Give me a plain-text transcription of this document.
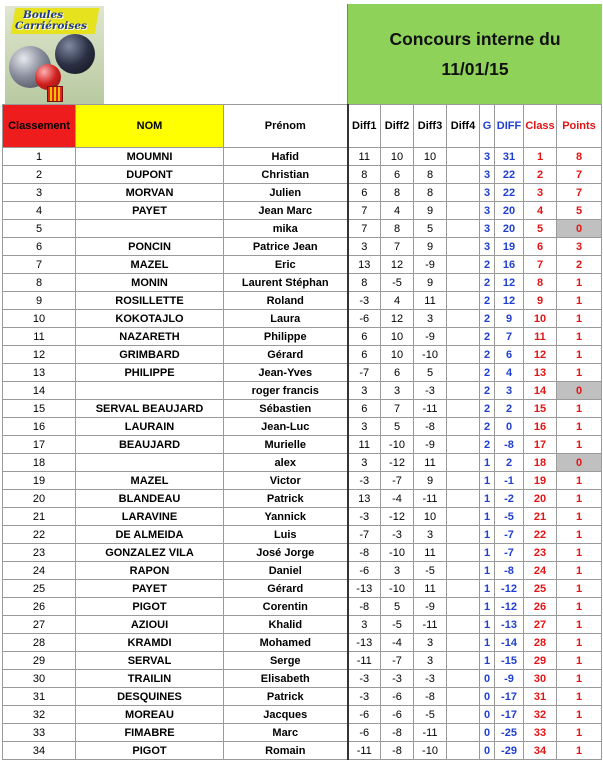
Boules
Carriéroises
Concours interne du
11/01/15
Classement	NOM	Prénom	Diff1	Diff2	Diff3	Diff4	G	DIFF	Class	Points
1	MOUMNI	Hafid	11	10	10		3	31	1	8
2	DUPONT	Christian	8	6	8		3	22	2	7
3	MORVAN	Julien	6	8	8		3	22	3	7
4	PAYET	Jean Marc	7	4	9		3	20	4	5
5		mika	7	8	5		3	20	5	0
6	PONCIN	Patrice Jean	3	7	9		3	19	6	3
7	MAZEL	Eric	13	12	-9		2	16	7	2
8	MONIN	Laurent Stéphan	8	-5	9		2	12	8	1
9	ROSILLETTE	Roland	-3	4	11		2	12	9	1
10	KOKOTAJLO	Laura	-6	12	3		2	9	10	1
11	NAZARETH	Philippe	6	10	-9		2	7	11	1
12	GRIMBARD	Gérard	6	10	-10		2	6	12	1
13	PHILIPPE	Jean-Yves	-7	6	5		2	4	13	1
14		roger francis	3	3	-3		2	3	14	0
15	SERVAL BEAUJARD	Sébastien	6	7	-11		2	2	15	1
16	LAURAIN	Jean-Luc	3	5	-8		2	0	16	1
17	BEAUJARD	Murielle	11	-10	-9		2	-8	17	1
18		alex	3	-12	11		1	2	18	0
19	MAZEL	Victor	-3	-7	9		1	-1	19	1
20	BLANDEAU	Patrick	13	-4	-11		1	-2	20	1
21	LARAVINE	Yannick	-3	-12	10		1	-5	21	1
22	DE ALMEIDA	Luis	-7	-3	3		1	-7	22	1
23	GONZALEZ VILA	José Jorge	-8	-10	11		1	-7	23	1
24	RAPON	Daniel	-6	3	-5		1	-8	24	1
25	PAYET	Gérard	-13	-10	11		1	-12	25	1
26	PIGOT	Corentin	-8	5	-9		1	-12	26	1
27	AZIOUI	Khalid	3	-5	-11		1	-13	27	1
28	KRAMDI	Mohamed	-13	-4	3		1	-14	28	1
29	SERVAL	Serge	-11	-7	3		1	-15	29	1
30	TRAILIN	Elisabeth	-3	-3	-3		0	-9	30	1
31	DESQUINES	Patrick	-3	-6	-8		0	-17	31	1
32	MOREAU	Jacques	-6	-6	-5		0	-17	32	1
33	FIMABRE	Marc	-6	-8	-11		0	-25	33	1
34	PIGOT	Romain	-11	-8	-10		0	-29	34	1
